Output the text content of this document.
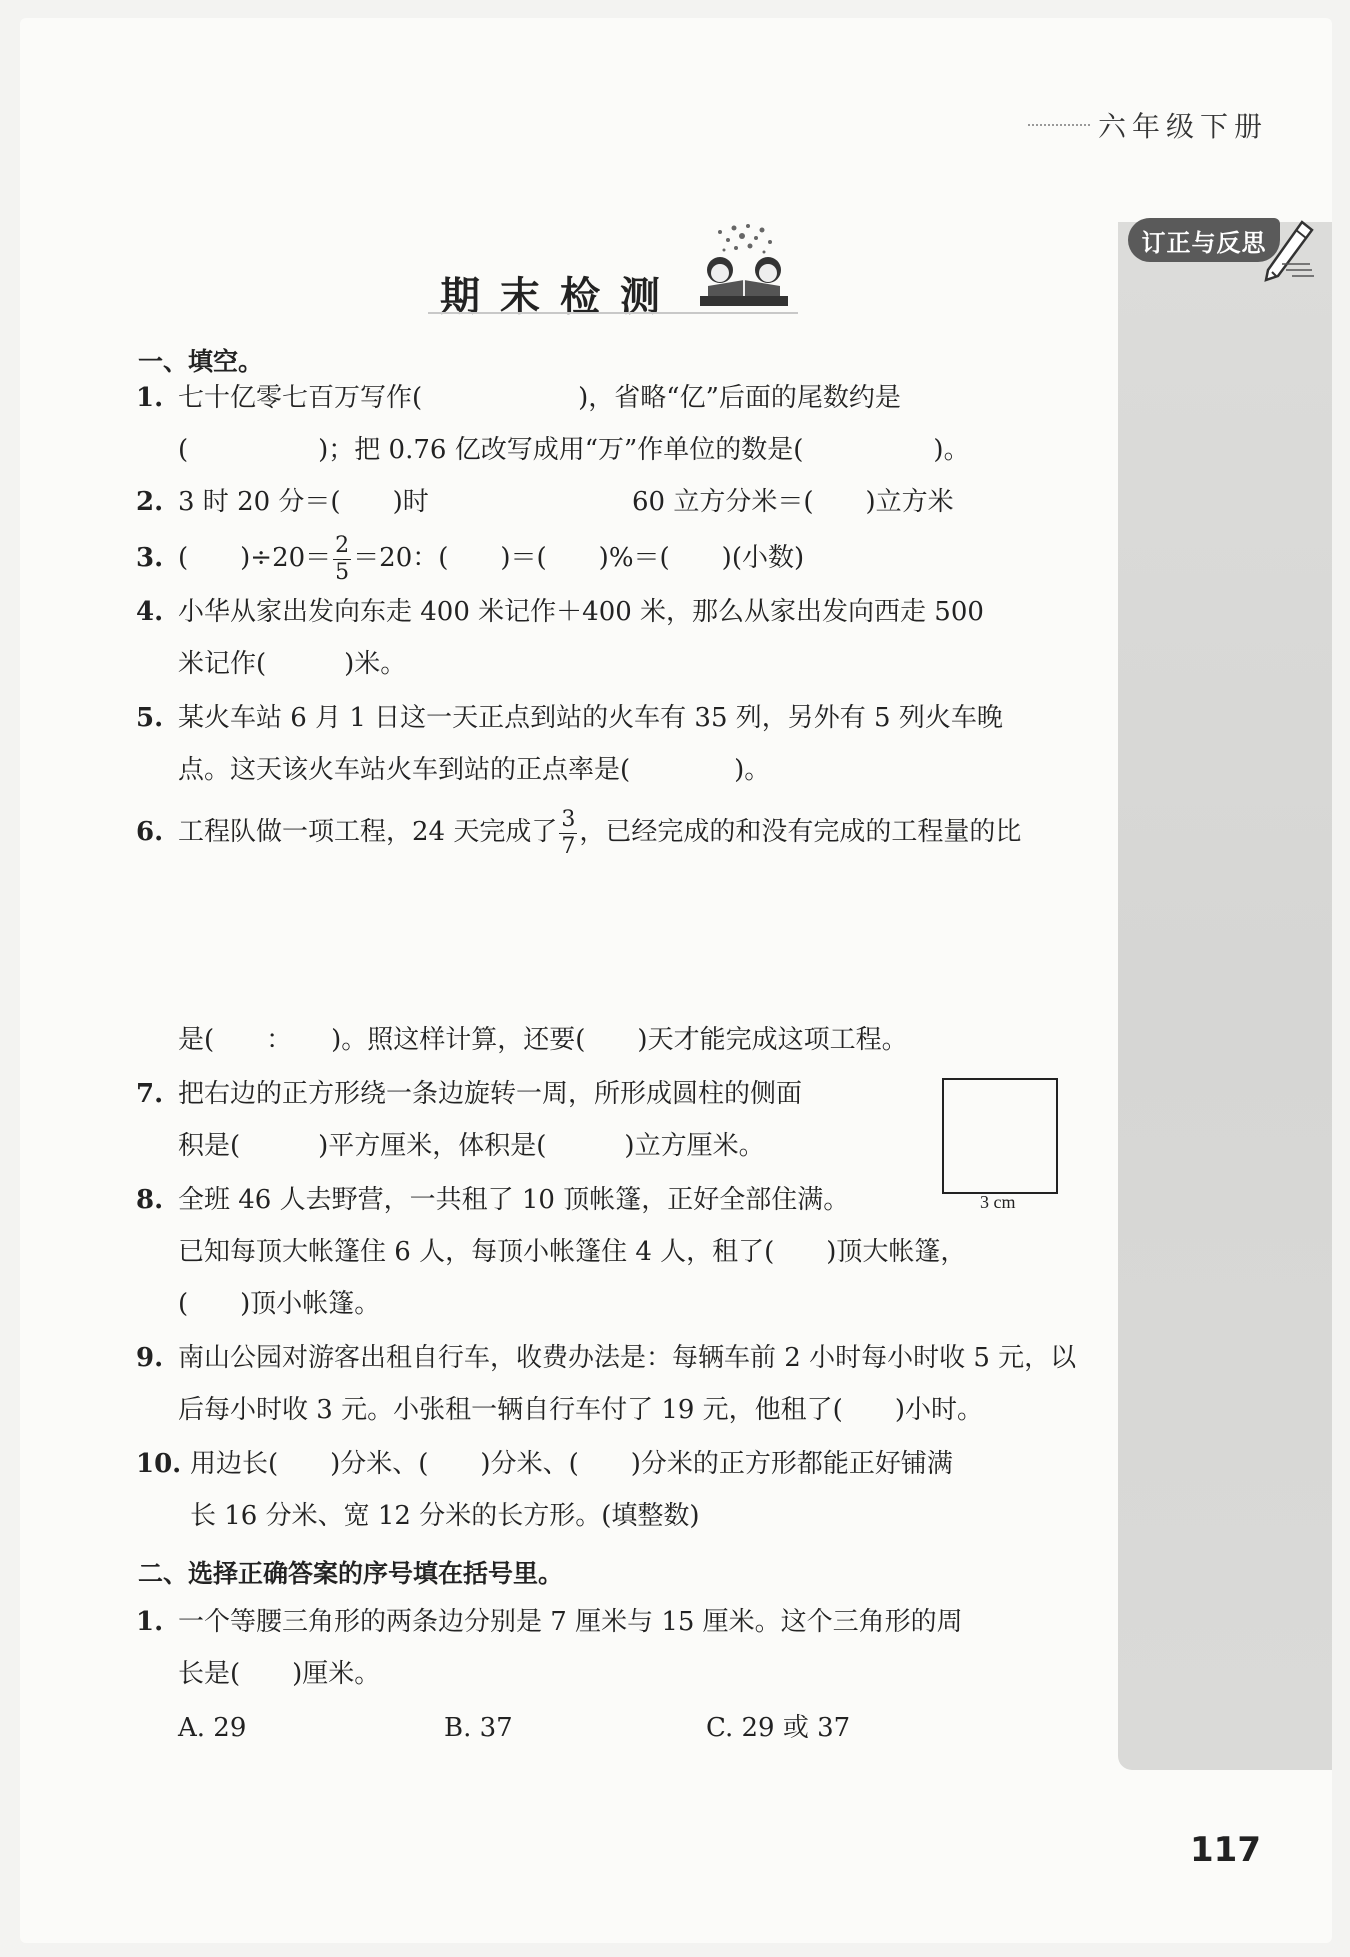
六年级下册
订正与反思
期末检测
一、填空。
1. 七十亿零七百万写作(　　　　　　)，省略“亿”后面的尾数约是
(　　　　　)；把 0.76 亿改写成用“万”作单位的数是(　　　　　)。
2. 3 时 20 分＝(　　)时	60 立方分米＝(　　)立方米
3. (　　)$\div 20= \frac{2}{5} =20$：(　　)＝(　　)%＝(　　)(小数)
4. 小华从家出发向东走 400 米记作＋400 米，那么从家出发向西走 500
米记作(　　　)米。
5. 某火车站 6 月 1 日这一天正点到站的火车有 35 列，另外有 5 列火车晚
点。这天该火车站火车到站的正点率是(　　　　)。
6. 工程队做一项工程，24 天完成了 $\frac{3}{7}$ ，已经完成的和没有完成的工程量的比
是(　　：　　)。照这样计算，还要(　　)天才能完成这项工程。
7. 把右边的正方形绕一条边旋转一周，所形成圆柱的侧面
积是(　　　)平方厘米，体积是(　　　)立方厘米。
3 cm
8. 全班 46 人去野营，一共租了 10 顶帐篷，正好全部住满。
已知每顶大帐篷住 6 人，每顶小帐篷住 4 人，租了(　　)顶大帐篷，
(　　)顶小帐篷。
9. 南山公园对游客出租自行车，收费办法是：每辆车前 2 小时每小时收 5 元，以
后每小时收 3 元。小张租一辆自行车付了 19 元，他租了(　　)小时。
10. 用边长(　　)分米、(　　)分米、(　　)分米的正方形都能正好铺满
长 16 分米、宽 12 分米的长方形。(填整数)
二、选择正确答案的序号填在括号里。
1. 一个等腰三角形的两条边分别是 7 厘米与 15 厘米。这个三角形的周
长是(　　)厘米。
A. 29	B. 37	C. 29 或 37
117
